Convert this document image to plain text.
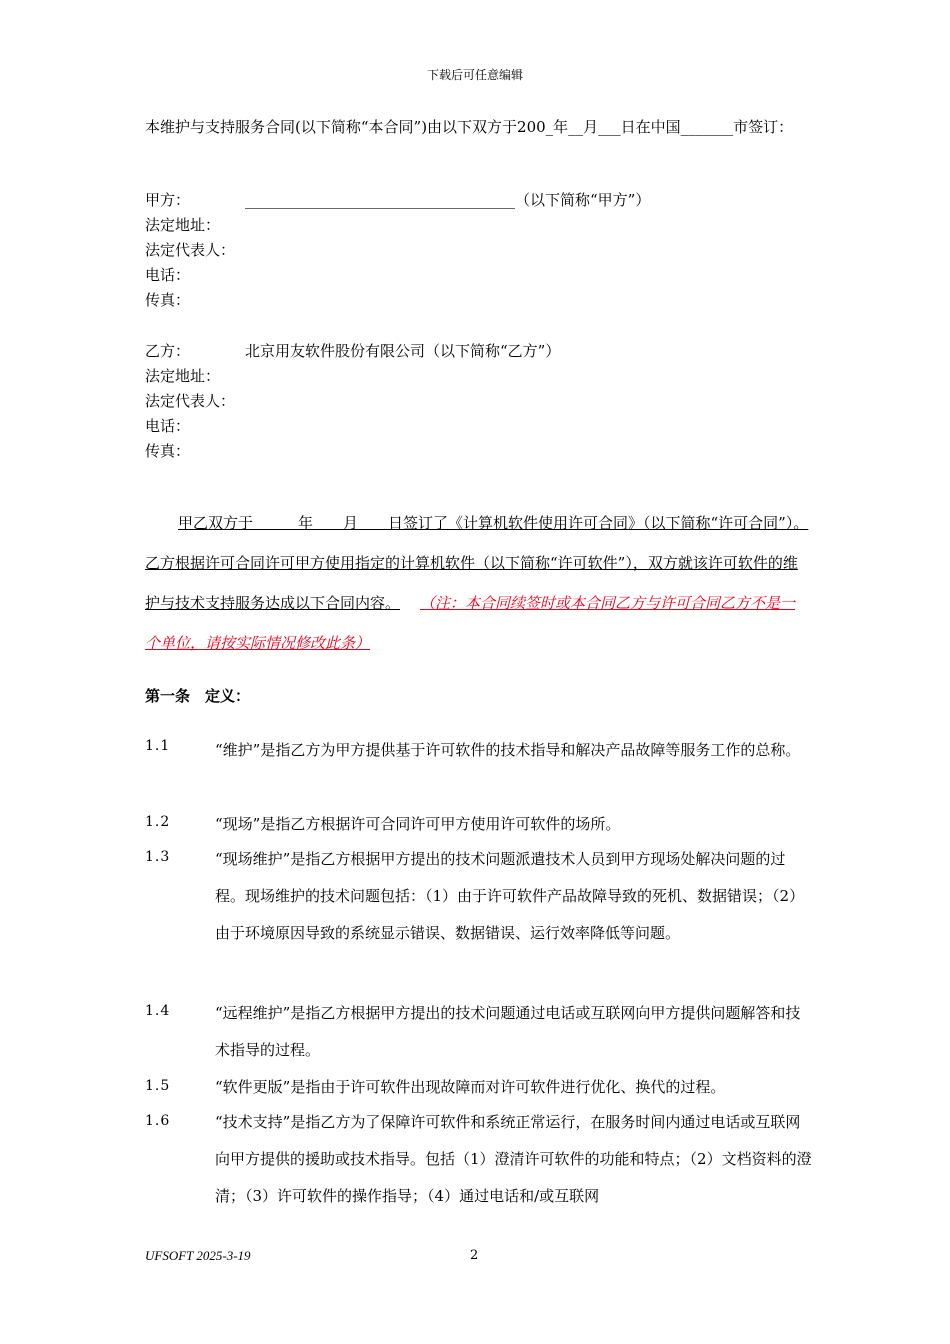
下载后可任意编辑
本维护与支持服务合同(以下简称“本合同”)由以下双方于200_年__月___日在中国_______市签订：
甲方：	____________________________________（以下简称“甲方”）
法定地址：
法定代表人：
电话：
传真：
乙方：	北京用友软件股份有限公司（以下简称“乙方”）
法定地址：
法定代表人：
电话：
传真：
甲乙双方于　　　年　　月　　日签订了《计算机软件使用许可合同》（以下简称“许可合同”）。乙方根据许可合同许可甲方使用指定的计算机软件（以下简称“许可软件”），双方就该许可软件的维护与技术支持服务达成以下合同内容。 （注：本合同续签时或本合同乙方与许可合同乙方不是一个单位，请按实际情况修改此条）
第一条　定义：
1.1	“维护”是指乙方为甲方提供基于许可软件的技术指导和解决产品故障等服务工作的总称。
1.2	“现场”是指乙方根据许可合同许可甲方使用许可软件的场所。
1.3	“现场维护”是指乙方根据甲方提出的技术问题派遣技术人员到甲方现场处解决问题的过程。现场维护的技术问题包括：（1）由于许可软件产品故障导致的死机、数据错误；（2）由于环境原因导致的系统显示错误、数据错误、运行效率降低等问题。
1.4	“远程维护”是指乙方根据甲方提出的技术问题通过电话或互联网向甲方提供问题解答和技术指导的过程。
1.5	“软件更版”是指由于许可软件出现故障而对许可软件进行优化、换代的过程。
1.6	“技术支持”是指乙方为了保障许可软件和系统正常运行，在服务时间内通过电话或互联网向甲方提供的援助或技术指导。包括（1）澄清许可软件的功能和特点；（2）文档资料的澄清；（3）许可软件的操作指导；（4）通过电话和/或互联网
UFSOFT 2025-3-19	2
